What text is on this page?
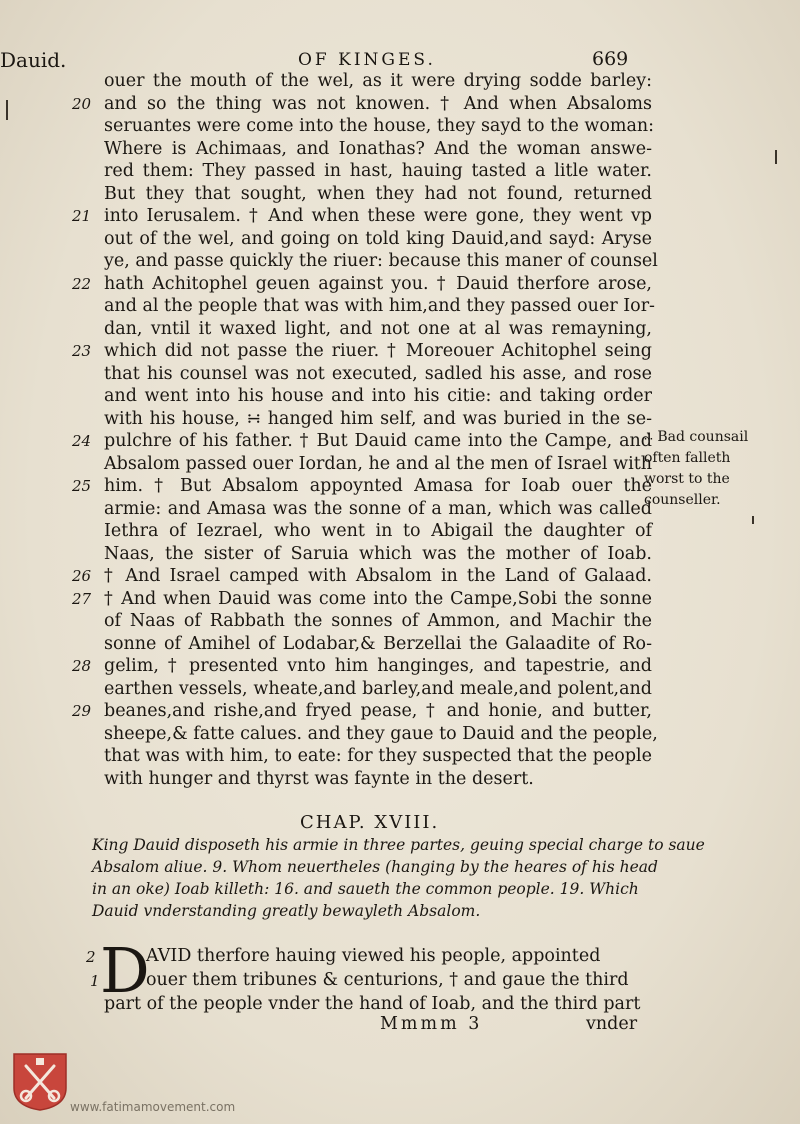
Dauid.	OF KINGES.	669
ouer the mouth of the wel, as it were drying sodde barley:
20 and so the thing was not knowen. † And when Absaloms
seruantes were come into the house, they sayd to the woman:
Where is Achimaas, and Ionathas? And the woman answe-
red them: They passed in hast, hauing tasted a litle water.
But they that sought, when they had not found, returned
21 into Ierusalem. † And when these were gone, they went vp
out of the wel, and going on told king Dauid,and sayd: Aryse
ye, and passe quickly the riuer: because this maner of counsel
22 hath Achitophel geuen against you. † Dauid therfore arose,
and al the people that was with him,and they passed ouer Ior-
dan, vntil it waxed light, and not one at al was remayning,
23 which did not passe the riuer. † Moreouer Achitophel seing
that his counsel was not executed, sadled his asse, and rose
and went into his house and into his citie: and taking order
with his house, ∺ hanged him self, and was buried in the se-
24 pulchre of his father. † But Dauid came into the Campe, and
Absalom passed ouer Iordan, he and al the men of Israel with
25 him. † But Absalom appoynted Amasa for Ioab ouer the
armie: and Amasa was the sonne of a man, which was called
Iethra of Iezrael, who went in to Abigail the daughter of
Naas, the sister of Saruia which was the mother of Ioab.
26 † And Israel camped with Absalom in the Land of Galaad.
27 † And when Dauid was come into the Campe,Sobi the sonne
of Naas of Rabbath the sonnes of Ammon, and Machir the
sonne of Amihel of Lodabar,& Berzellai the Galaadite of Ro-
28 gelim, † presented vnto him hanginges, and tapestrie, and
earthen vessels, wheate,and barley,and meale,and polent,and
29 beanes,and rishe,and fryed pease, † and honie, and butter,
sheepe,& fatte calues. and they gaue to Dauid and the people,
that was with him, to eate: for they suspected that the people
with hunger and thyrst was faynte in the desert.
∴ Bad counsail
often falleth
worst to the
counseller.
CHAP. XVIII.
King Dauid disposeth his armie in three partes, geuing special charge to saue
Absalom aliue. 9. Whom neuertheles (hanging by the heares of his head
in an oke) Ioab killeth: 16. and saueth the common people. 19. Which
Dauid vnderstanding greatly bewayleth Absalom.
2
1 D
AVID therfore hauing viewed his people, appointed
ouer them tribunes & centurions, † and gaue the third
part of the people vnder the hand of Ioab, and the third part
Mmmm 3	vnder
www.fatimamovement.com
